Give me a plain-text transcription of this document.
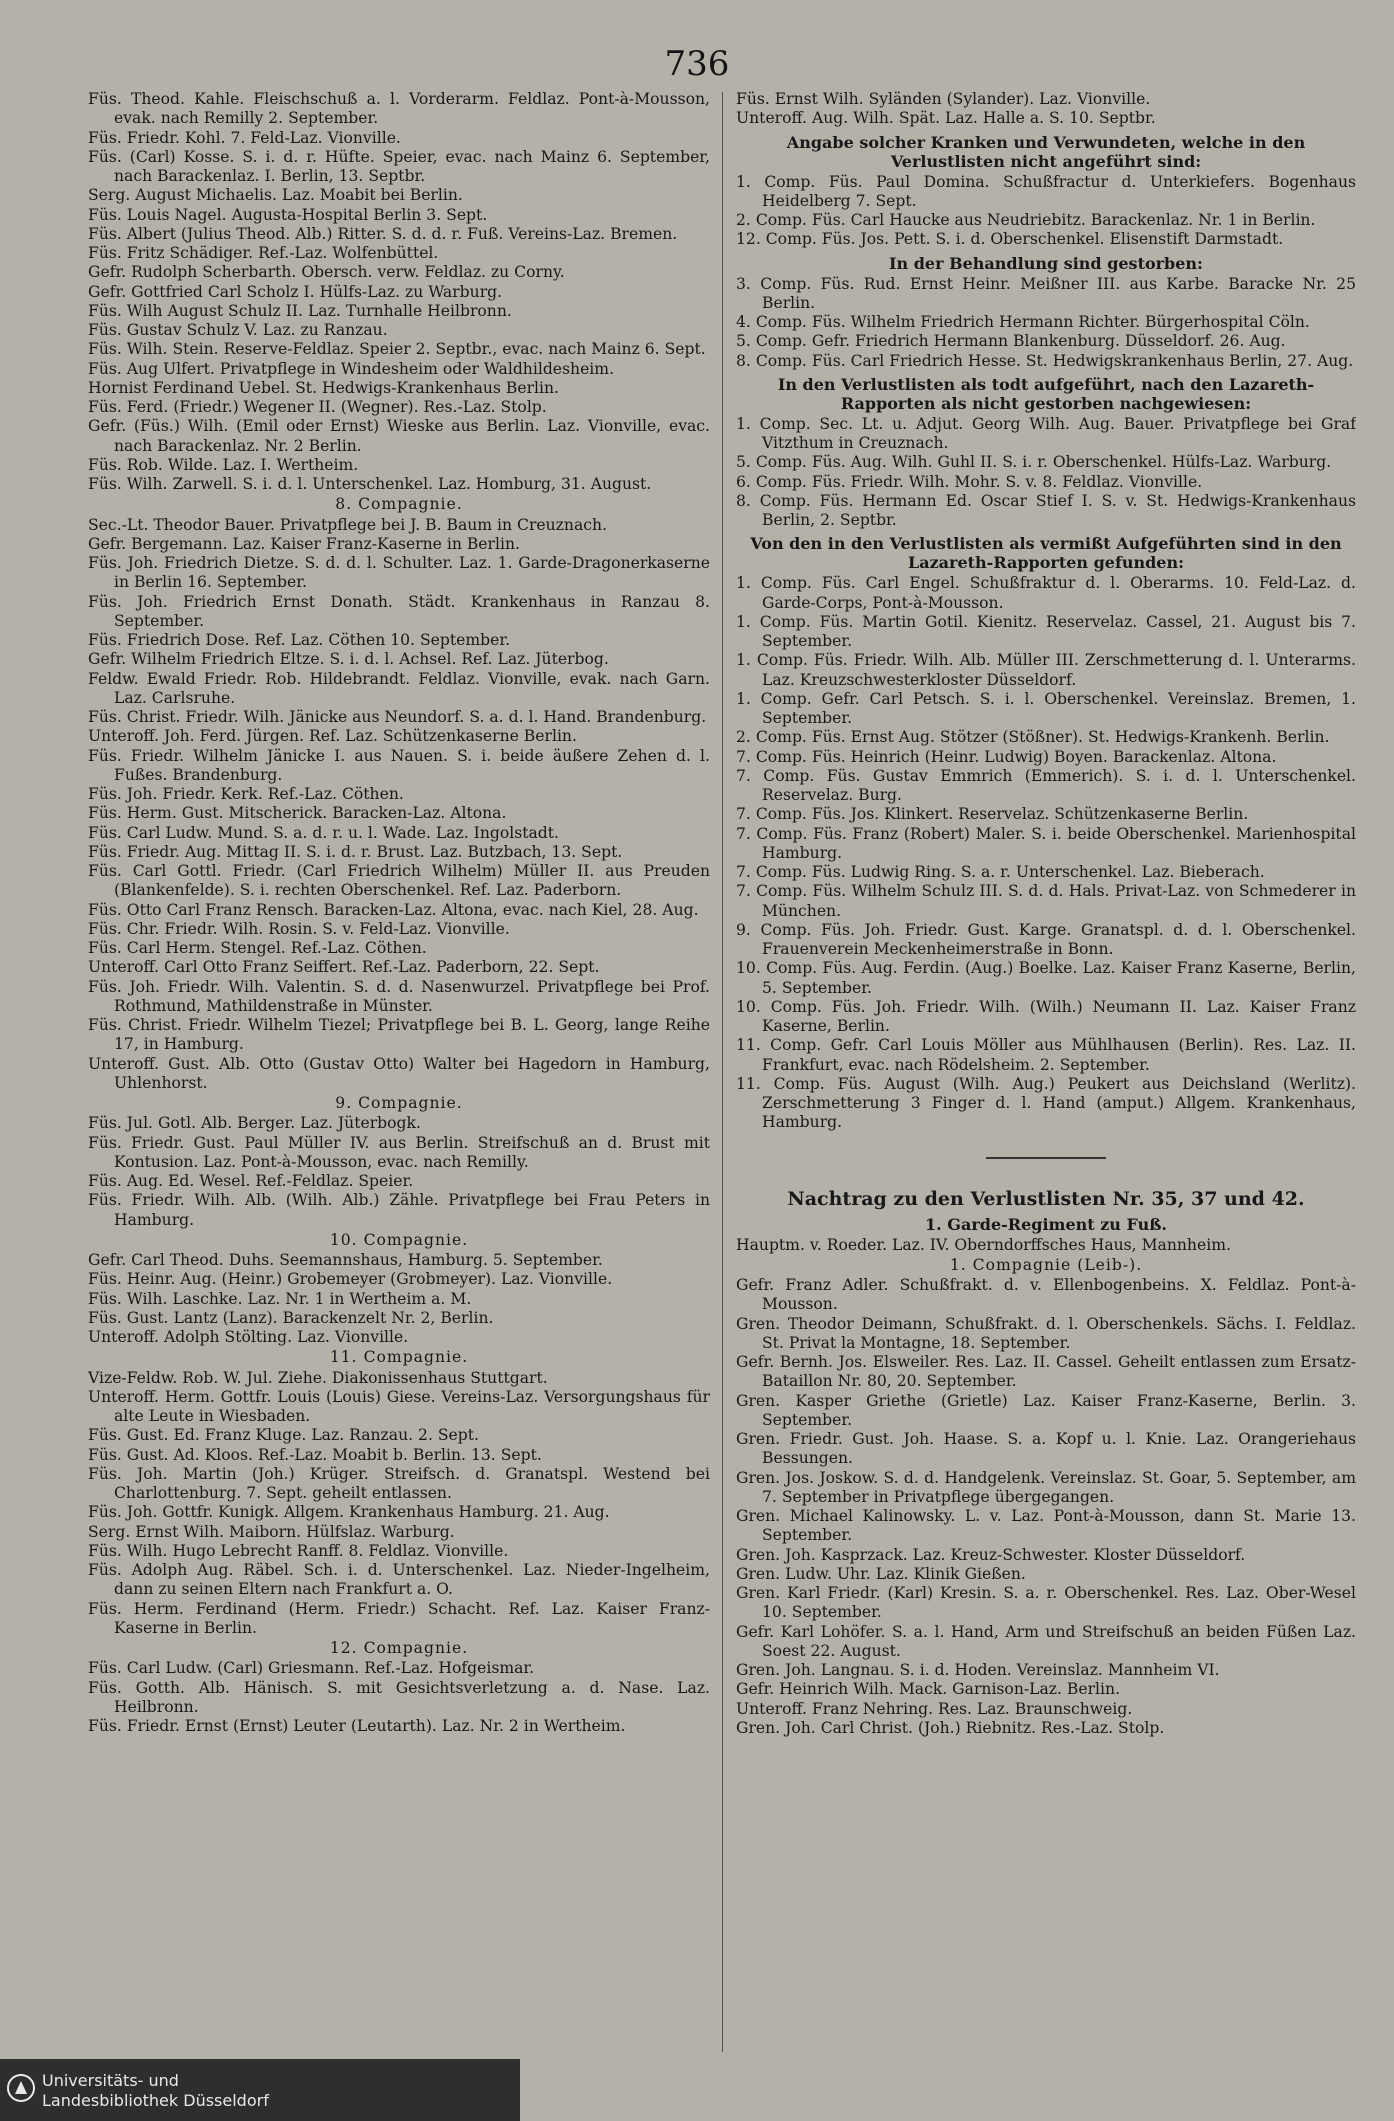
736

Füs. Theod. Kahle. Fleischschuß a. l. Vorderarm. Feldlaz. Pont-à-Mousson, evak. nach Remilly 2. September.

Füs. Friedr. Kohl. 7. Feld-Laz. Vionville.

Füs. (Carl) Kosse. S. i. d. r. Hüfte. Speier, evac. nach Mainz 6. September, nach Barackenlaz. I. Berlin, 13. Septbr.

Serg. August Michaelis. Laz. Moabit bei Berlin.

Füs. Louis Nagel. Augusta-Hospital Berlin 3. Sept.

Füs. Albert (Julius Theod. Alb.) Ritter. S. d. d. r. Fuß. Vereins-Laz. Bremen.

Füs. Fritz Schädiger. Ref.-Laz. Wolfenbüttel.

Gefr. Rudolph Scherbarth. Obersch. verw. Feldlaz. zu Corny.

Gefr. Gottfried Carl Scholz I. Hülfs-Laz. zu Warburg.

Füs. Wilh August Schulz II. Laz. Turnhalle Heilbronn.

Füs. Gustav Schulz V. Laz. zu Ranzau.

Füs. Wilh. Stein. Reserve-Feldlaz. Speier 2. Septbr., evac. nach Mainz 6. Sept.

Füs. Aug Ulfert. Privatpflege in Windesheim oder Waldhildesheim.

Hornist Ferdinand Uebel. St. Hedwigs-Krankenhaus Berlin.

Füs. Ferd. (Friedr.) Wegener II. (Wegner). Res.-Laz. Stolp.

Gefr. (Füs.) Wilh. (Emil oder Ernst) Wieske aus Berlin. Laz. Vionville, evac. nach Barackenlaz. Nr. 2 Berlin.

Füs. Rob. Wilde. Laz. I. Wertheim.

Füs. Wilh. Zarwell. S. i. d. l. Unterschenkel. Laz. Homburg, 31. August.

8. Compagnie.

Sec.-Lt. Theodor Bauer. Privatpflege bei J. B. Baum in Creuznach.

Gefr. Bergemann. Laz. Kaiser Franz-Kaserne in Berlin.

Füs. Joh. Friedrich Dietze. S. d. d. l. Schulter. Laz. 1. Garde-Dragonerkaserne in Berlin 16. September.

Füs. Joh. Friedrich Ernst Donath. Städt. Krankenhaus in Ranzau 8. September.

Füs. Friedrich Dose. Ref. Laz. Cöthen 10. September.

Gefr. Wilhelm Friedrich Eltze. S. i. d. l. Achsel. Ref. Laz. Jüterbog.

Feldw. Ewald Friedr. Rob. Hildebrandt. Feldlaz. Vionville, evak. nach Garn. Laz. Carlsruhe.

Füs. Christ. Friedr. Wilh. Jänicke aus Neundorf. S. a. d. l. Hand. Brandenburg.

Unteroff. Joh. Ferd. Jürgen. Ref. Laz. Schützenkaserne Berlin.

Füs. Friedr. Wilhelm Jänicke I. aus Nauen. S. i. beide äußere Zehen d. l. Fußes. Brandenburg.

Füs. Joh. Friedr. Kerk. Ref.-Laz. Cöthen.

Füs. Herm. Gust. Mitscherick. Baracken-Laz. Altona.

Füs. Carl Ludw. Mund. S. a. d. r. u. l. Wade. Laz. Ingolstadt.

Füs. Friedr. Aug. Mittag II. S. i. d. r. Brust. Laz. Butzbach, 13. Sept.

Füs. Carl Gottl. Friedr. (Carl Friedrich Wilhelm) Müller II. aus Preuden (Blankenfelde). S. i. rechten Oberschenkel. Ref. Laz. Paderborn.

Füs. Otto Carl Franz Rensch. Baracken-Laz. Altona, evac. nach Kiel, 28. Aug.

Füs. Chr. Friedr. Wilh. Rosin. S. v. Feld-Laz. Vionville.

Füs. Carl Herm. Stengel. Ref.-Laz. Cöthen.

Unteroff. Carl Otto Franz Seiffert. Ref.-Laz. Paderborn, 22. Sept.

Füs. Joh. Friedr. Wilh. Valentin. S. d. d. Nasenwurzel. Privatpflege bei Prof. Rothmund, Mathildenstraße in Münster.

Füs. Christ. Friedr. Wilhelm Tiezel; Privatpflege bei B. L. Georg, lange Reihe 17, in Hamburg.

Unteroff. Gust. Alb. Otto (Gustav Otto) Walter bei Hagedorn in Hamburg, Uhlenhorst.

9. Compagnie.

Füs. Jul. Gotl. Alb. Berger. Laz. Jüterbogk.

Füs. Friedr. Gust. Paul Müller IV. aus Berlin. Streifschuß an d. Brust mit Kontusion. Laz. Pont-à-Mousson, evac. nach Remilly.

Füs. Aug. Ed. Wesel. Ref.-Feldlaz. Speier.

Füs. Friedr. Wilh. Alb. (Wilh. Alb.) Zähle. Privatpflege bei Frau Peters in Hamburg.

10. Compagnie.

Gefr. Carl Theod. Duhs. Seemannshaus, Hamburg. 5. September.

Füs. Heinr. Aug. (Heinr.) Grobemeyer (Grobmeyer). Laz. Vionville.

Füs. Wilh. Laschke. Laz. Nr. 1 in Wertheim a. M.

Füs. Gust. Lantz (Lanz). Barackenzelt Nr. 2, Berlin.

Unteroff. Adolph Stölting. Laz. Vionville.

11. Compagnie.

Vize-Feldw. Rob. W. Jul. Ziehe. Diakonissenhaus Stuttgart.

Unteroff. Herm. Gottfr. Louis (Louis) Giese. Vereins-Laz. Versorgungshaus für alte Leute in Wiesbaden.

Füs. Gust. Ed. Franz Kluge. Laz. Ranzau. 2. Sept.

Füs. Gust. Ad. Kloos. Ref.-Laz. Moabit b. Berlin. 13. Sept.

Füs. Joh. Martin (Joh.) Krüger. Streifsch. d. Granatspl. Westend bei Charlottenburg. 7. Sept. geheilt entlassen.

Füs. Joh. Gottfr. Kunigk. Allgem. Krankenhaus Hamburg. 21. Aug.

Serg. Ernst Wilh. Maiborn. Hülfslaz. Warburg.

Füs. Wilh. Hugo Lebrecht Ranff. 8. Feldlaz. Vionville.

Füs. Adolph Aug. Räbel. Sch. i. d. Unterschenkel. Laz. Nieder-Ingelheim, dann zu seinen Eltern nach Frankfurt a. O.

Füs. Herm. Ferdinand (Herm. Friedr.) Schacht. Ref. Laz. Kaiser Franz-Kaserne in Berlin.

12. Compagnie.

Füs. Carl Ludw. (Carl) Griesmann. Ref.-Laz. Hofgeismar.

Füs. Gotth. Alb. Hänisch. S. mit Gesichtsverletzung a. d. Nase. Laz. Heilbronn.

Füs. Friedr. Ernst (Ernst) Leuter (Leutarth). Laz. Nr. 2 in Wertheim.

Füs. Ernst Wilh. Syländen (Sylander). Laz. Vionville.

Unteroff. Aug. Wilh. Spät. Laz. Halle a. S. 10. Septbr.

Angabe solcher Kranken und Verwundeten, welche in den Verlustlisten nicht angeführt sind:

1. Comp. Füs. Paul Domina. Schußfractur d. Unterkiefers. Bogenhaus Heidelberg 7. Sept.

2. Comp. Füs. Carl Haucke aus Neudriebitz. Barackenlaz. Nr. 1 in Berlin.

12. Comp. Füs. Jos. Pett. S. i. d. Oberschenkel. Elisenstift Darmstadt.

In der Behandlung sind gestorben:

3. Comp. Füs. Rud. Ernst Heinr. Meißner III. aus Karbe. Baracke Nr. 25 Berlin.

4. Comp. Füs. Wilhelm Friedrich Hermann Richter. Bürgerhospital Cöln.

5. Comp. Gefr. Friedrich Hermann Blankenburg. Düsseldorf. 26. Aug.

8. Comp. Füs. Carl Friedrich Hesse. St. Hedwigskrankenhaus Berlin, 27. Aug.

In den Verlustlisten als todt aufgeführt, nach den Lazareth-Rapporten als nicht gestorben nachgewiesen:

1. Comp. Sec. Lt. u. Adjut. Georg Wilh. Aug. Bauer. Privatpflege bei Graf Vitzthum in Creuznach.

5. Comp. Füs. Aug. Wilh. Guhl II. S. i. r. Oberschenkel. Hülfs-Laz. Warburg.

6. Comp. Füs. Friedr. Wilh. Mohr. S. v. 8. Feldlaz. Vionville.

8. Comp. Füs. Hermann Ed. Oscar Stief I. S. v. St. Hedwigs-Krankenhaus Berlin, 2. Septbr.

Von den in den Verlustlisten als vermißt Aufgeführten sind in den Lazareth-Rapporten gefunden:

1. Comp. Füs. Carl Engel. Schußfraktur d. l. Oberarms. 10. Feld-Laz. d. Garde-Corps, Pont-à-Mousson.

1. Comp. Füs. Martin Gotil. Kienitz. Reservelaz. Cassel, 21. August bis 7. September.

1. Comp. Füs. Friedr. Wilh. Alb. Müller III. Zerschmetterung d. l. Unterarms. Laz. Kreuzschwesterkloster Düsseldorf.

1. Comp. Gefr. Carl Petsch. S. i. l. Oberschenkel. Vereinslaz. Bremen, 1. September.

2. Comp. Füs. Ernst Aug. Stötzer (Stößner). St. Hedwigs-Krankenh. Berlin.

7. Comp. Füs. Heinrich (Heinr. Ludwig) Boyen. Barackenlaz. Altona.

7. Comp. Füs. Gustav Emmrich (Emmerich). S. i. d. l. Unterschenkel. Reservelaz. Burg.

7. Comp. Füs. Jos. Klinkert. Reservelaz. Schützenkaserne Berlin.

7. Comp. Füs. Franz (Robert) Maler. S. i. beide Oberschenkel. Marienhospital Hamburg.

7. Comp. Füs. Ludwig Ring. S. a. r. Unterschenkel. Laz. Bieberach.

7. Comp. Füs. Wilhelm Schulz III. S. d. d. Hals. Privat-Laz. von Schmederer in München.

9. Comp. Füs. Joh. Friedr. Gust. Karge. Granatspl. d. d. l. Oberschenkel. Frauenverein Meckenheimerstraße in Bonn.

10. Comp. Füs. Aug. Ferdin. (Aug.) Boelke. Laz. Kaiser Franz Kaserne, Berlin, 5. September.

10. Comp. Füs. Joh. Friedr. Wilh. (Wilh.) Neumann II. Laz. Kaiser Franz Kaserne, Berlin.

11. Comp. Gefr. Carl Louis Möller aus Mühlhausen (Berlin). Res. Laz. II. Frankfurt, evac. nach Rödelsheim. 2. September.

11. Comp. Füs. August (Wilh. Aug.) Peukert aus Deichsland (Werlitz). Zerschmetterung 3 Finger d. l. Hand (amput.) Allgem. Krankenhaus, Hamburg.

Nachtrag zu den Verlustlisten Nr. 35, 37 und 42.

1. Garde-Regiment zu Fuß.

Hauptm. v. Roeder. Laz. IV. Oberndorffsches Haus, Mannheim.

1. Compagnie (Leib-).

Gefr. Franz Adler. Schußfrakt. d. v. Ellenbogenbeins. X. Feldlaz. Pont-à-Mousson.

Gren. Theodor Deimann, Schußfrakt. d. l. Oberschenkels. Sächs. I. Feldlaz. St. Privat la Montagne, 18. September.

Gefr. Bernh. Jos. Elsweiler. Res. Laz. II. Cassel. Geheilt entlassen zum Ersatz-Bataillon Nr. 80, 20. September.

Gren. Kasper Griethe (Grietle) Laz. Kaiser Franz-Kaserne, Berlin. 3. September.

Gren. Friedr. Gust. Joh. Haase. S. a. Kopf u. l. Knie. Laz. Orangeriehaus Bessungen.

Gren. Jos. Joskow. S. d. d. Handgelenk. Vereinslaz. St. Goar, 5. September, am 7. September in Privatpflege übergegangen.

Gren. Michael Kalinowsky. L. v. Laz. Pont-à-Mousson, dann St. Marie 13. September.

Gren. Joh. Kasprzack. Laz. Kreuz-Schwester. Kloster Düsseldorf.

Gren. Ludw. Uhr. Laz. Klinik Gießen.

Gren. Karl Friedr. (Karl) Kresin. S. a. r. Oberschenkel. Res. Laz. Ober-Wesel 10. September.

Gefr. Karl Lohöfer. S. a. l. Hand, Arm und Streifschuß an beiden Füßen Laz. Soest 22. August.

Gren. Joh. Langnau. S. i. d. Hoden. Vereinslaz. Mannheim VI.

Gefr. Heinrich Wilh. Mack. Garnison-Laz. Berlin.

Unteroff. Franz Nehring. Res. Laz. Braunschweig.

Gren. Joh. Carl Christ. (Joh.) Riebnitz. Res.-Laz. Stolp.

Universitäts- und
Landesbibliothek Düsseldorf
